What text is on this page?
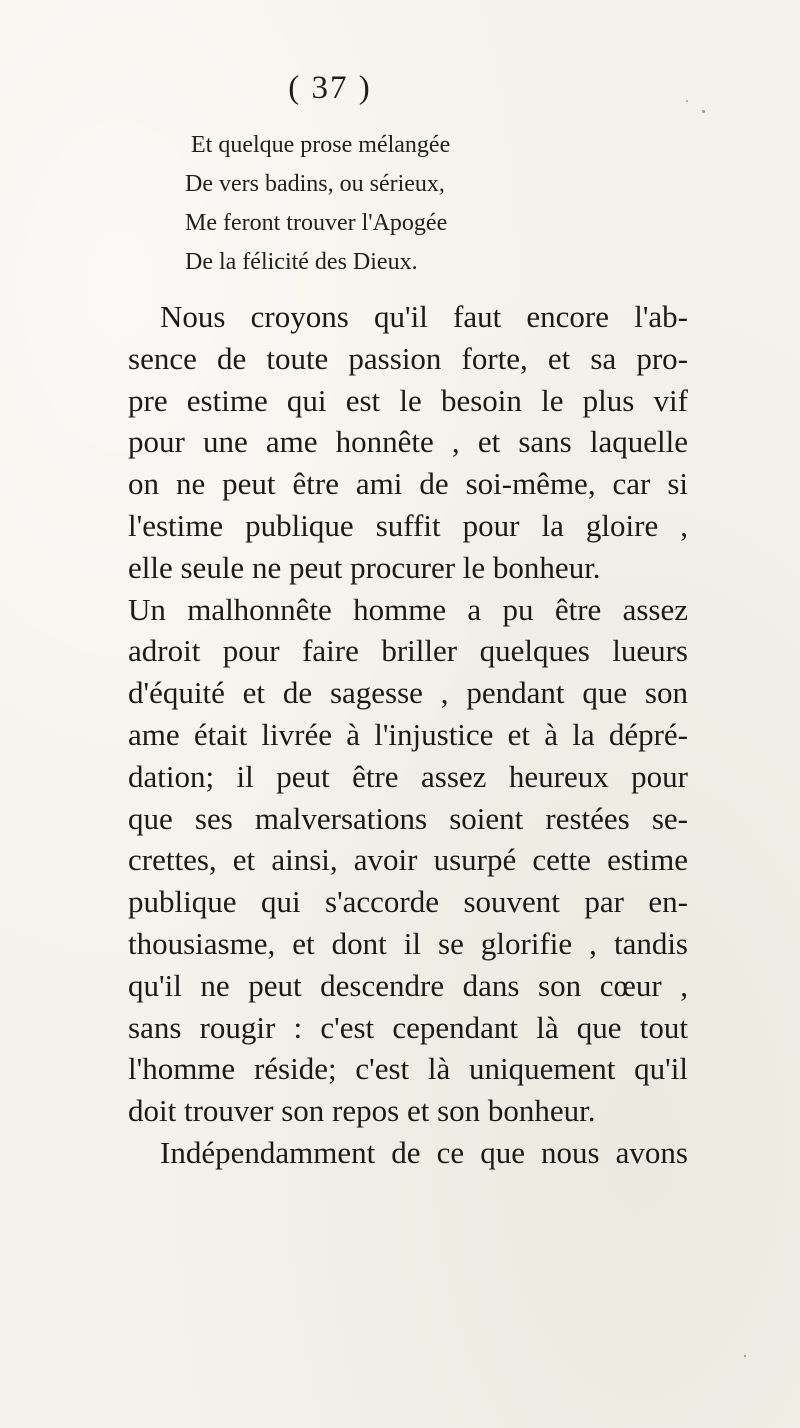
( 37 )
Et quelque prose mélangée
De vers badins, ou sérieux,
Me feront trouver l'Apogée
De la félicité des Dieux.
Nous croyons qu'il faut encore l'ab-
sence de toute passion forte, et sa pro-
pre estime qui est le besoin le plus vif
pour une ame honnête , et sans laquelle
on ne peut être ami de soi-même, car si
l'estime publique suffit pour la gloire ,
elle seule ne peut procurer le bonheur.
Un malhonnête homme a pu être assez
adroit pour faire briller quelques lueurs
d'équité et de sagesse , pendant que son
ame était livrée à l'injustice et à la dépré-
dation; il peut être assez heureux pour
que ses malversations soient restées se-
crettes, et ainsi, avoir usurpé cette estime
publique qui s'accorde souvent par en-
thousiasme, et dont il se glorifie , tandis
qu'il ne peut descendre dans son cœur ,
sans rougir : c'est cependant là que tout
l'homme réside; c'est là uniquement qu'il
doit trouver son repos et son bonheur.
Indépendamment de ce que nous avons
